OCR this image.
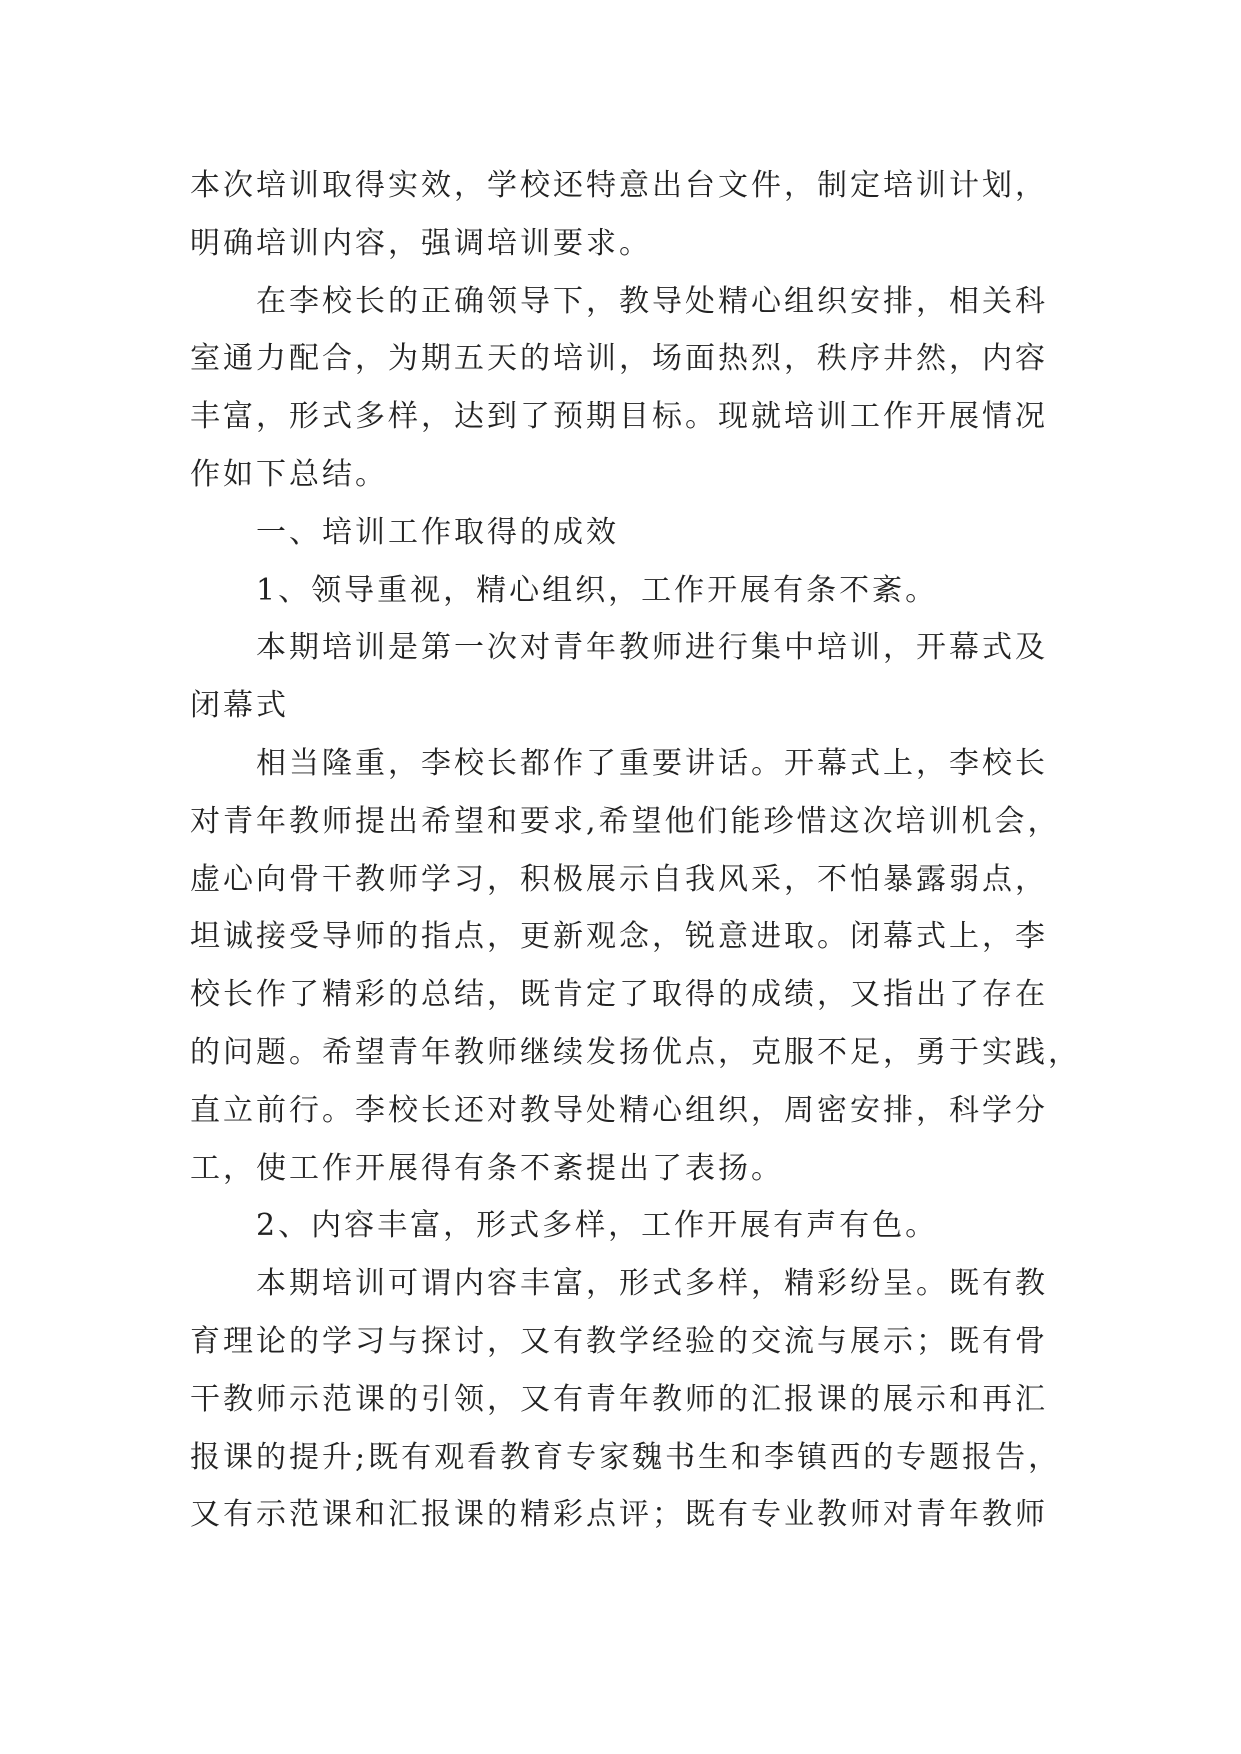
本次培训取得实效，学校还特意出台文件，制定培训计划，
明确培训内容，强调培训要求。
在李校长的正确领导下，教导处精心组织安排，相关科
室通力配合，为期五天的培训，场面热烈，秩序井然，内容
丰富，形式多样，达到了预期目标。现就培训工作开展情况
作如下总结。
一、培训工作取得的成效
1、领导重视，精心组织，工作开展有条不紊。
本期培训是第一次对青年教师进行集中培训，开幕式及
闭幕式
相当隆重，李校长都作了重要讲话。开幕式上，李校长
对青年教师提出希望和要求,希望他们能珍惜这次培训机会，
虚心向骨干教师学习，积极展示自我风采，不怕暴露弱点，
坦诚接受导师的指点，更新观念，锐意进取。闭幕式上，李
校长作了精彩的总结，既肯定了取得的成绩，又指出了存在
的问题。希望青年教师继续发扬优点，克服不足，勇于实践，
直立前行。李校长还对教导处精心组织，周密安排，科学分
工，使工作开展得有条不紊提出了表扬。
2、内容丰富，形式多样，工作开展有声有色。
本期培训可谓内容丰富，形式多样，精彩纷呈。既有教
育理论的学习与探讨，又有教学经验的交流与展示；既有骨
干教师示范课的引领，又有青年教师的汇报课的展示和再汇
报课的提升;既有观看教育专家魏书生和李镇西的专题报告，
又有示范课和汇报课的精彩点评；既有专业教师对青年教师
